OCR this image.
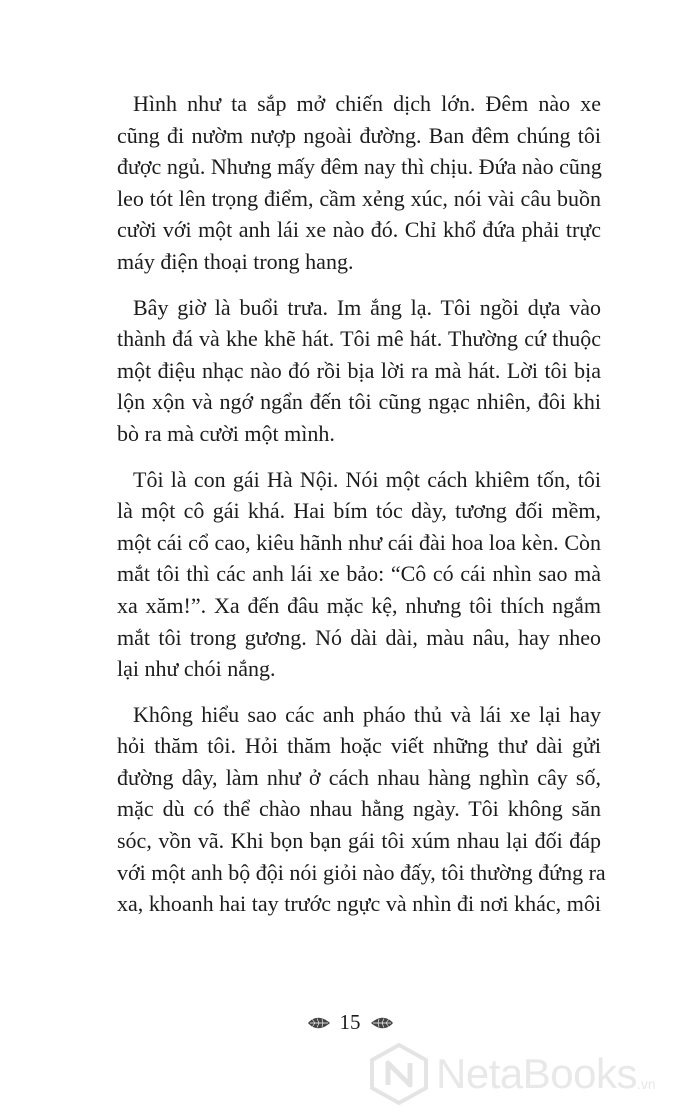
Hình như ta sắp mở chiến dịch lớn. Đêm nào xe
cũng đi nườm nượp ngoài đường. Ban đêm chúng tôi
được ngủ. Nhưng mấy đêm nay thì chịu. Đứa nào cũng
leo tót lên trọng điểm, cầm xẻng xúc, nói vài câu buồn
cười với một anh lái xe nào đó. Chỉ khổ đứa phải trực
máy điện thoại trong hang.

Bây giờ là buổi trưa. Im ắng lạ. Tôi ngồi dựa vào
thành đá và khe khẽ hát. Tôi mê hát. Thường cứ thuộc
một điệu nhạc nào đó rồi bịa lời ra mà hát. Lời tôi bịa
lộn xộn và ngớ ngẩn đến tôi cũng ngạc nhiên, đôi khi
bò ra mà cười một mình.

Tôi là con gái Hà Nội. Nói một cách khiêm tốn, tôi
là một cô gái khá. Hai bím tóc dày, tương đối mềm,
một cái cổ cao, kiêu hãnh như cái đài hoa loa kèn. Còn
mắt tôi thì các anh lái xe bảo: “Cô có cái nhìn sao mà
xa xăm!”. Xa đến đâu mặc kệ, nhưng tôi thích ngắm
mắt tôi trong gương. Nó dài dài, màu nâu, hay nheo
lại như chói nắng.

Không hiểu sao các anh pháo thủ và lái xe lại hay
hỏi thăm tôi. Hỏi thăm hoặc viết những thư dài gửi
đường dây, làm như ở cách nhau hàng nghìn cây số,
mặc dù có thể chào nhau hằng ngày. Tôi không săn
sóc, vồn vã. Khi bọn bạn gái tôi xúm nhau lại đối đáp
với một anh bộ đội nói giỏi nào đấy, tôi thường đứng ra
xa, khoanh hai tay trước ngực và nhìn đi nơi khác, môi

15
NetaBooks .vn
